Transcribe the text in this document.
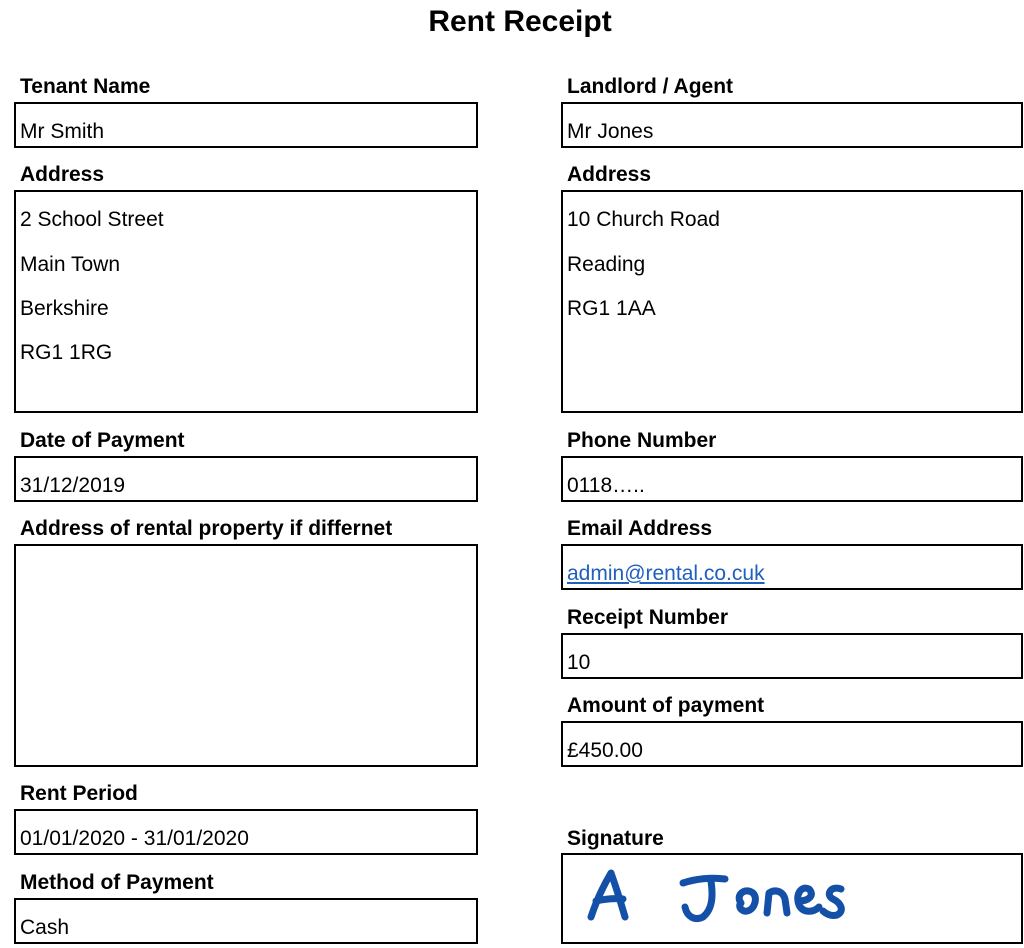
Rent Receipt
Tenant Name
Mr Smith
Address
2 School Street
Main Town
Berkshire
RG1 1RG
Date of Payment
31/12/2019
Address of rental property if differnet
Rent Period
01/01/2020 - 31/01/2020
Method of Payment
Cash
Landlord / Agent
Mr Jones
Address
10 Church Road
Reading
RG1 1AA
Phone Number
0118…..
Email Address
admin@rental.co.cuk
Receipt Number
10
Amount of payment
£450.00
Signature
